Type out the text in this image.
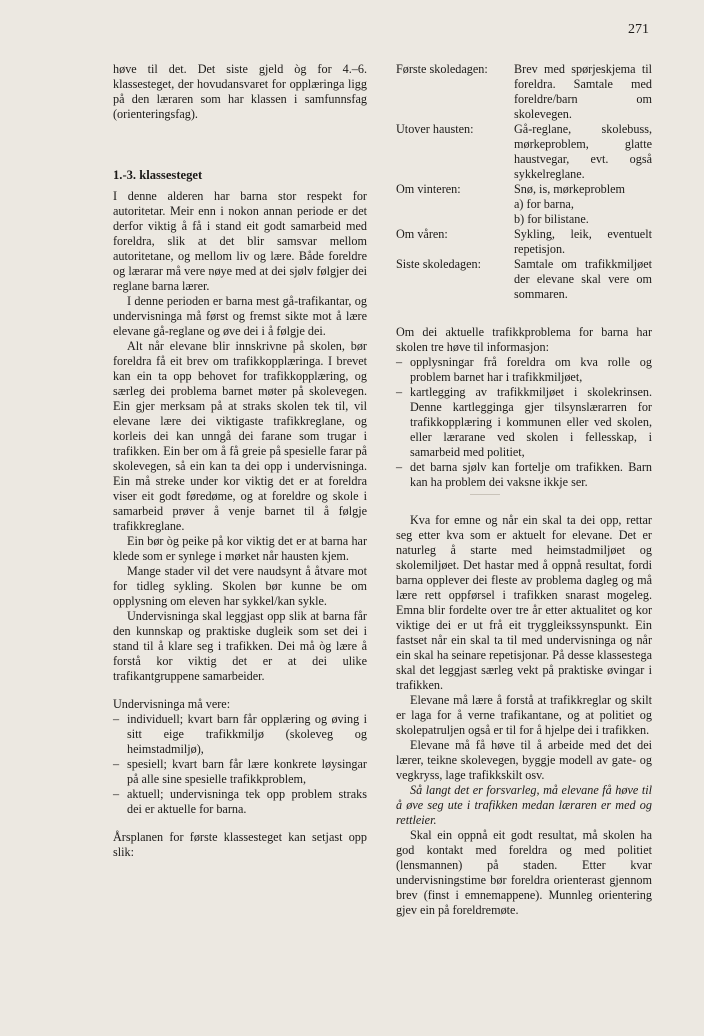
271

høve til det. Det siste gjeld òg for 4.–6. klassesteget, der hovudansvaret for opplæringa ligg på den læraren som har klassen i samfunnsfag (orienteringsfag).

1.-3. klassesteget

I denne alderen har barna stor respekt for autoritetar. Meir enn i nokon annan periode er det derfor viktig å få i stand eit godt samarbeid med foreldra, slik at det blir samsvar mellom autoritetane, og mellom liv og lære. Både foreldre og lærarar må vere nøye med at dei sjølv følgjer dei reglane barna lærer.

I denne perioden er barna mest gå-trafikantar, og undervisninga må først og fremst sikte mot å lære elevane gå-reglane og øve dei i å følgje dei.

Alt når elevane blir innskrivne på skolen, bør foreldra få eit brev om trafikkopplæringa. I brevet kan ein ta opp behovet for trafikkopplæring, og særleg dei problema barnet møter på skolevegen. Ein gjer merksam på at straks skolen tek til, vil elevane lære dei viktigaste trafikkreglane, og korleis dei kan unngå dei farane som trugar i trafikken. Ein ber om å få greie på spesielle farar på skolevegen, så ein kan ta dei opp i undervisninga. Ein må streke under kor viktig det er at foreldra viser eit godt føredøme, og at foreldre og skole i samarbeid prøver å venje barnet til å følgje trafikkreglane.

Ein bør òg peike på kor viktig det er at barna har klede som er synlege i mørket når hausten kjem.

Mange stader vil det vere naudsynt å åtvare mot for tidleg sykling. Skolen bør kunne be om opplysning om eleven har sykkel/kan sykle.

Undervisninga skal leggjast opp slik at barna får den kunnskap og praktiske dugleik som set dei i stand til å klare seg i trafikken. Dei må òg lære å forstå kor viktig det er at dei ulike trafikantgruppene samarbeider.

Undervisninga må vere:

– individuell; kvart barn får opplæring og øving i sitt eige trafikkmiljø (skoleveg og heimstadmiljø),
– spesiell; kvart barn får lære konkrete løysingar på alle sine spesielle trafikkproblem,
– aktuell; undervisninga tek opp problem straks dei er aktuelle for barna.

Årsplanen for første klassesteget kan setjast opp slik:

Første skoledagen:	Brev med spørjeskjema til foreldra. Samtale med foreldre/barn om skolevegen.
Utover hausten:	Gå-reglane, skolebuss, mørkeproblem, glatte haustvegar, evt. også sykkelreglane.
Om vinteren:	Snø, is, mørkeproblem
a) for barna,
b) for bilistane.
Om våren:	Sykling, leik, eventuelt repetisjon.
Siste skoledagen:	Samtale om trafikkmiljøet der elevane skal vere om sommaren.

Om dei aktuelle trafikkproblema for barna har skolen tre høve til informasjon:

– opplysningar frå foreldra om kva rolle og problem barnet har i trafikkmiljøet,
– kartlegging av trafikkmiljøet i skolekrinsen. Denne kartlegginga gjer tilsynslærarren for trafikkopplæring i kommunen eller ved skolen, eller lærarane ved skolen i fellesskap, i samarbeid med politiet,
– det barna sjølv kan fortelje om trafikken. Barn kan ha problem dei vaksne ikkje ser.

Kva for emne og når ein skal ta dei opp, rettar seg etter kva som er aktuelt for elevane. Det er naturleg å starte med heimstadmiljøet og skolemiljøet. Det hastar med å oppnå resultat, fordi barna opplever dei fleste av problema dagleg og må lære rett oppførsel i trafikken snarast mogeleg. Emna blir fordelte over tre år etter aktualitet og kor viktige dei er ut frå eit tryggleikssynspunkt. Ein fastset når ein skal ta til med undervisninga og når ein skal ha seinare repetisjonar. På desse klassestega skal det leggjast særleg vekt på praktiske øvingar i trafikken.

Elevane må lære å forstå at trafikkreglar og skilt er laga for å verne trafikantane, og at politiet og skolepatruljen også er til for å hjelpe dei i trafikken.

Elevane må få høve til å arbeide med det dei lærer, teikne skolevegen, byggje modell av gate- og vegkryss, lage trafikkskilt osv.

Så langt det er forsvarleg, må elevane få høve til å øve seg ute i trafikken medan læraren er med og rettleier.

Skal ein oppnå eit godt resultat, må skolen ha god kontakt med foreldra og med politiet (lensmannen) på staden. Etter kvar undervisningstime bør foreldra orienterast gjennom brev (finst i emnemappene). Munnleg orientering gjev ein på foreldremøte.
